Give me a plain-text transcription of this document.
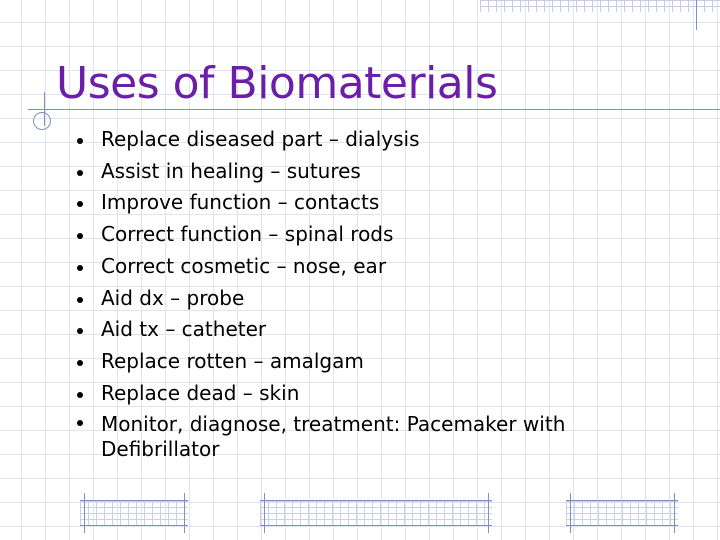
Uses of Biomaterials
Replace diseased part – dialysis
Assist in healing – sutures
Improve function – contacts
Correct function – spinal rods
Correct cosmetic – nose, ear
Aid dx – probe
Aid tx – catheter
Replace rotten – amalgam
Replace dead – skin
Monitor, diagnose, treatment: Pacemaker with
Defibrillator
